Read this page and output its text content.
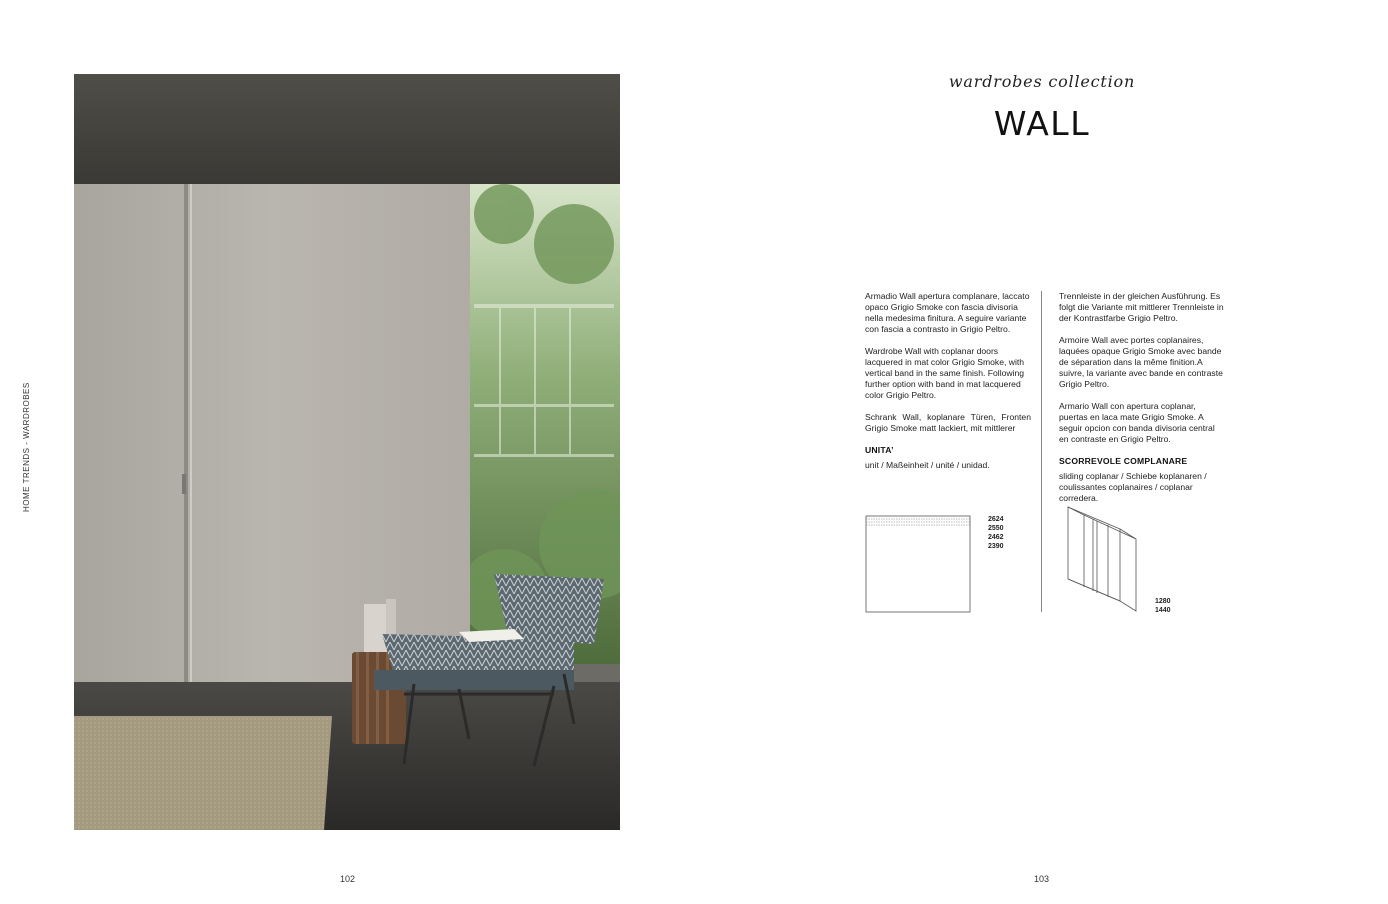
HOME TRENDS - WARDROBES
102
wardrobes collection
WALL

Armadio Wall apertura complanare, laccato opaco Grigio Smoke con fascia divisoria nella medesima finitura. A seguire variante con fascia a contrasto in Grigio Peltro.

Wardrobe Wall with coplanar doors lacquered in mat color Grigio Smoke, with vertical band in the same finish. Following further option with band in mat lacquered color Grigio Peltro.

Schrank Wall, koplanare Türen, Fronten Grigio Smoke matt lackiert, mit mittlerer

UNITA’

unit / Maßeinheit / unité / unidad.

Trennleiste in der gleichen Ausführung. Es folgt die Variante mit mittlerer Trennleiste in der Kontrastfarbe Grigio Peltro.

Armoire Wall avec portes coplanaires, laquées opaque Grigio Smoke avec bande de séparation dans la même finition.A suivre, la variante avec bande en contraste Grigio Peltro.

Armario Wall con apertura coplanar, puertas en laca mate Grigio Smoke. A seguir opcion con banda divisoria central en contraste en Grigio Peltro.

SCORREVOLE COMPLANARE

sliding coplanar / Schiebe koplanaren / coulissantes coplanaires / coplanar corredera.

2624
2550
2462
2390
1280
1440
103
